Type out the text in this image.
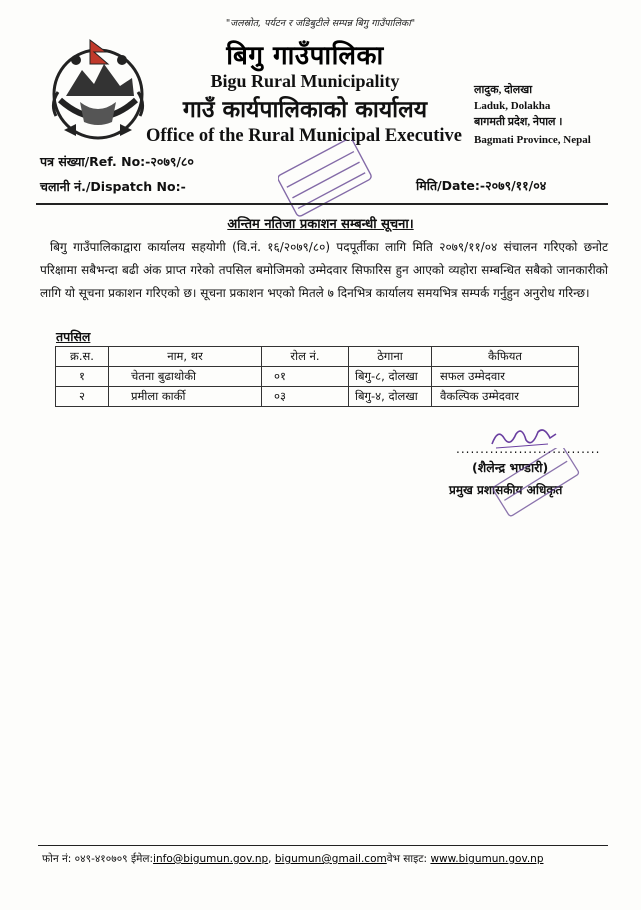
"जलस्रोत, पर्यटन र जडिबुटीले सम्पन्न बिगु गाउँपालिका"
बिगु गाउँपालिका
Bigu Rural Municipality
गाउँ कार्यपालिकाको कार्यालय
Office of the Rural Municipal Executive
लादुक, दोलखा
Laduk, Dolakha
बागमती प्रदेश, नेपाल ।
Bagmati Province, Nepal
पत्र संख्या/Ref. No:-२०७९/८०
चलानी नं./Dispatch No:-	मिति/Date:-२०७९/११/०४
अन्तिम नतिजा प्रकाशन सम्बन्धी सूचना।
बिगु गाउँपालिकाद्वारा कार्यालय सहयोगी (वि.नं. १६/२०७९/८०) पदपूर्तीका लागि मिति २०७९/११/०४ संचालन गरिएको छनोट परिक्षामा सबैभन्दा बढी अंक प्राप्त गरेको तपसिल बमोजिमको उम्मेदवार सिफारिस हुन आएको व्यहोरा सम्बन्धित सबैको जानकारीको लागि यो सूचना प्रकाशन गरिएको छ। सूचना प्रकाशन भएको मितले ७ दिनभित्र कार्यालय समयभित्र सम्पर्क गर्नुहुन अनुरोध गरिन्छ।
तपसिल
क्र.स.	नाम, थर	रोल नं.	ठेगाना	कैफियत
१	चेतना बुढाथोकी	०१	बिगु-८, दोलखा	सफल उम्मेदवार
२	प्रमीला कार्की	०३	बिगु-४, दोलखा	वैकल्पिक उम्मेदवार
..............................
(शैलेन्द्र भण्डारी)
प्रमुख प्रशासकीय अधिकृत
फोन नं: ०४९-४१०७०९ ईमेल:info@bigumun.gov.np, bigumun@gmail.comवेभ साइट: www.bigumun.gov.np
